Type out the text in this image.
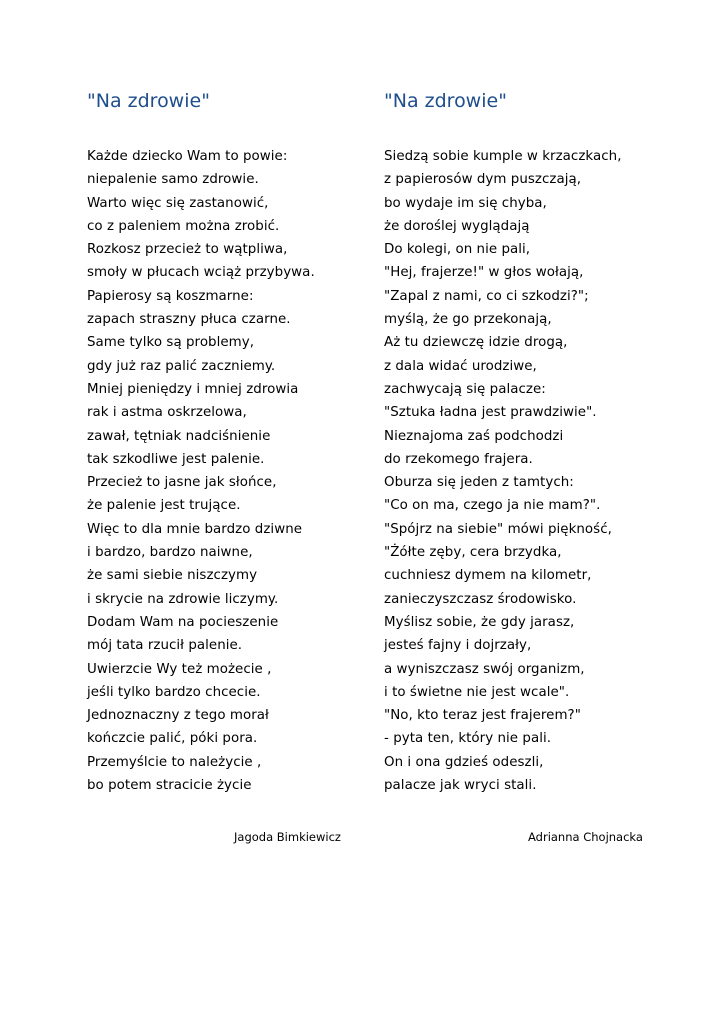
"Na zdrowie"
Każde dziecko Wam to powie:
niepalenie samo zdrowie.
Warto więc się zastanowić,
co z paleniem można zrobić.
Rozkosz przecież to wątpliwa,
smoły w płucach wciąż przybywa.
Papierosy są koszmarne:
zapach straszny płuca czarne.
Same tylko są problemy,
gdy już raz palić zaczniemy.
Mniej pieniędzy i mniej zdrowia
rak i astma oskrzelowa,
zawał, tętniak nadciśnienie
tak szkodliwe jest palenie.
Przecież to jasne jak słońce,
że palenie jest trujące.
Więc to dla mnie bardzo dziwne
i bardzo, bardzo naiwne,
że sami siebie niszczymy
i skrycie na zdrowie liczymy.
Dodam Wam na pocieszenie
mój tata rzucił palenie.
Uwierzcie Wy też możecie ,
jeśli tylko bardzo chcecie.
Jednoznaczny z tego morał
kończcie palić, póki pora.
Przemyślcie to należycie ,
bo potem stracicie życie
"Na zdrowie"
Siedzą sobie kumple w krzaczkach,
z papierosów dym puszczają,
bo wydaje im się chyba,
że doroślej wyglądają
Do kolegi, on nie pali,
"Hej, frajerze!" w głos wołają,
"Zapal z nami, co ci szkodzi?";
myślą, że go przekonają,
Aż tu dziewczę idzie drogą,
z dala widać urodziwe,
zachwycają się palacze:
"Sztuka ładna jest prawdziwie".
Nieznajoma zaś podchodzi
do rzekomego frajera.
Oburza się jeden z tamtych:
"Co on ma, czego ja nie mam?".
"Spójrz na siebie" mówi piękność,
"Żółte zęby, cera brzydka,
cuchniesz dymem na kilometr,
zanieczyszczasz środowisko.
Myślisz sobie, że gdy jarasz,
jesteś fajny i dojrzały,
a wyniszczasz swój organizm,
i to świetne nie jest wcale".
"No, kto teraz jest frajerem?"
- pyta ten, który nie pali.
On i ona gdzieś odeszli,
palacze jak wryci stali.
Jagoda Bimkiewicz	Adrianna Chojnacka
